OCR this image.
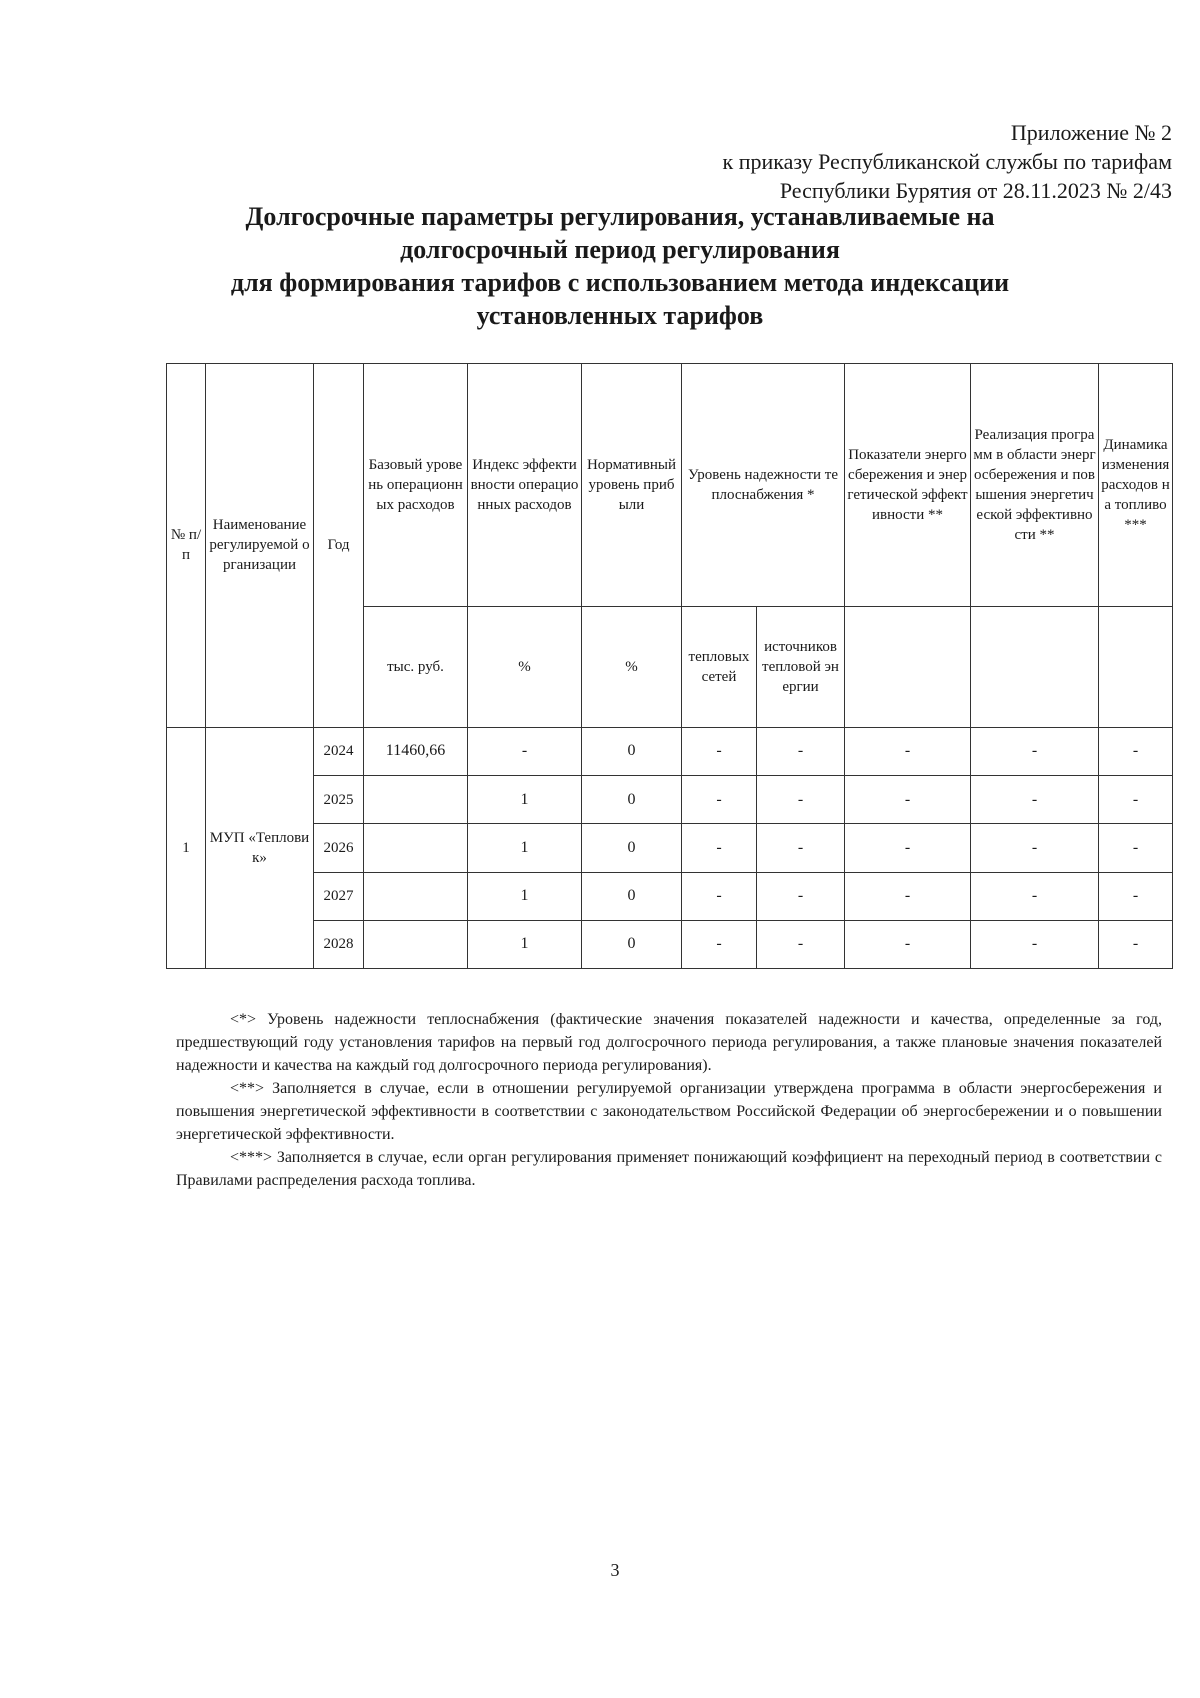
Приложение № 2
к приказу Республиканской службы по тарифам
Республики Бурятия от 28.11.2023 № 2/43
Долгосрочные параметры регулирования, устанавливаемые на
долгосрочный период регулирования
для формирования тарифов с использованием метода индексации
установленных тарифов
№ п/п	Наименование регулируемой организации	Год	Базовый уровень операционных расходов	Индекс эффективности операционных расходов	Нормативный уровень прибыли	Уровень надежности теплоснабжения *		Показатели энергосбережения и энергетической эффективности **	Реализация программ в области энергосбережения и повышения энергетической эффективности **	Динамика изменения расходов на топливо ***
			тыс. руб.	%	%	тепловых сетей	источников тепловой энергии			
1	МУП «Тепловик»	2024	11460,66	-	0	-	-	-	-	-
		2025		1	0	-	-	-	-	-
		2026		1	0	-	-	-	-	-
		2027		1	0	-	-	-	-	-
		2028		1	0	-	-	-	-	-

<*> Уровень надежности теплоснабжения (фактические значения показателей надежности и качества, определенные за год, предшествующий году установления тарифов на первый год долгосрочного периода регулирования, а также плановые значения показателей надежности и качества на каждый год долгосрочного периода регулирования).

<**> Заполняется в случае, если в отношении регулируемой организации утверждена программа в области энергосбережения и повышения энергетической эффективности в соответствии с законодательством Российской Федерации об энергосбережении и о повышении энергетической эффективности.

<***> Заполняется в случае, если орган регулирования применяет понижающий коэффициент на переходный период в соответствии с Правилами распределения расхода топлива.

3
